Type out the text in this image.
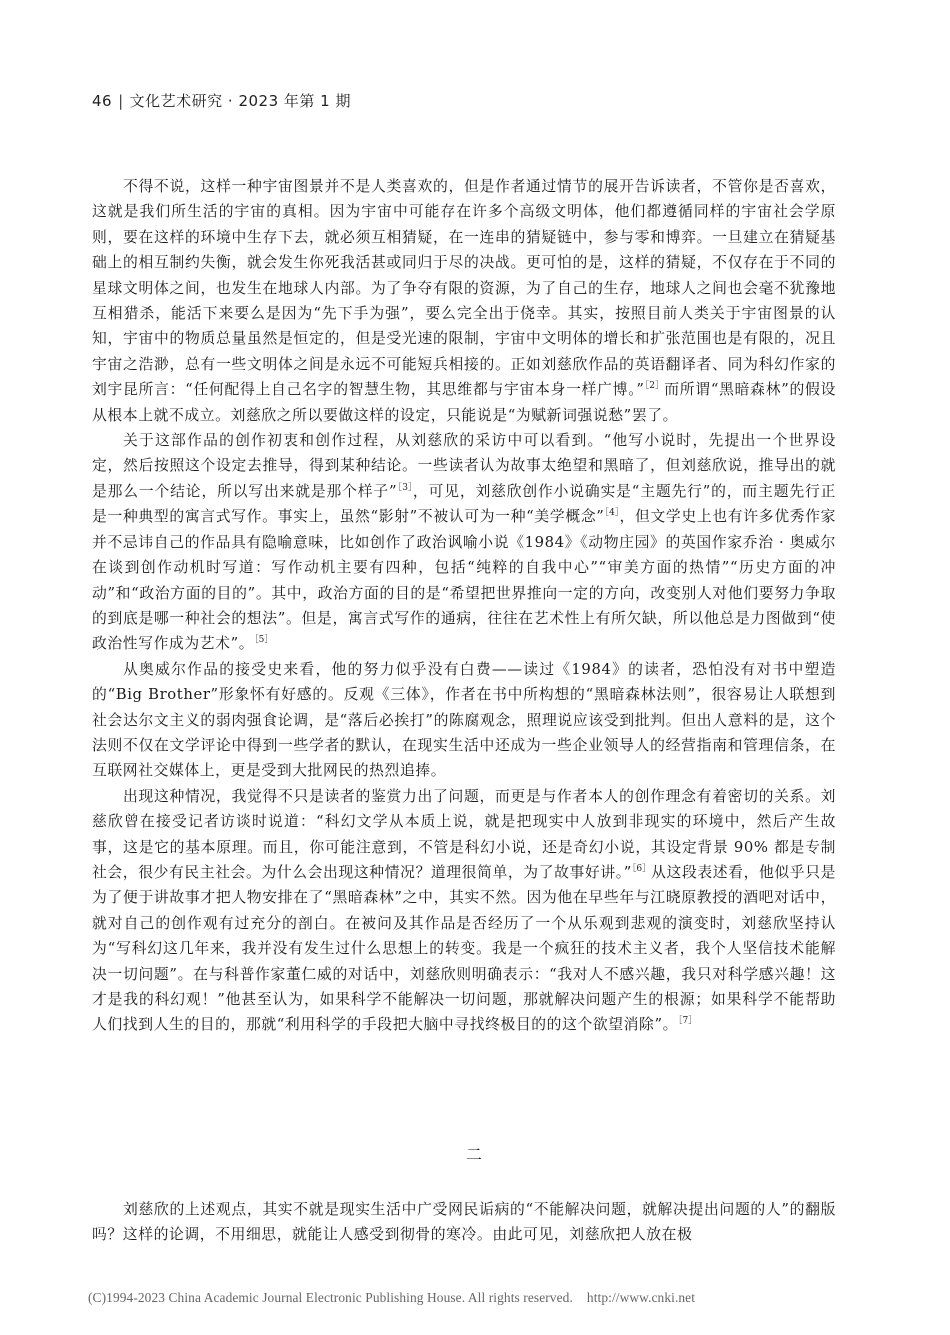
46 | 文化艺术研究 · 2023 年第 1 期

不得不说，这样一种宇宙图景并不是人类喜欢的，但是作者通过情节的展开告诉读者，不管你是否喜欢，这就是我们所生活的宇宙的真相。因为宇宙中可能存在许多个高级文明体，他们都遵循同样的宇宙社会学原则，要在这样的环境中生存下去，就必须互相猜疑，在一连串的猜疑链中，参与零和博弈。一旦建立在猜疑基础上的相互制约失衡，就会发生你死我活甚或同归于尽的决战。更可怕的是，这样的猜疑，不仅存在于不同的星球文明体之间，也发生在地球人内部。为了争夺有限的资源，为了自己的生存，地球人之间也会毫不犹豫地互相猎杀，能活下来要么是因为“先下手为强”，要么完全出于侥幸。其实，按照目前人类关于宇宙图景的认知，宇宙中的物质总量虽然是恒定的，但是受光速的限制，宇宙中文明体的增长和扩张范围也是有限的，况且宇宙之浩渺，总有一些文明体之间是永远不可能短兵相接的。正如刘慈欣作品的英语翻译者、同为科幻作家的刘宇昆所言：“任何配得上自己名字的智慧生物，其思维都与宇宙本身一样广博。”$^{[2]}$而所谓“黑暗森林”的假设从根本上就不成立。刘慈欣之所以要做这样的设定，只能说是“为赋新词强说愁”罢了。

关于这部作品的创作初衷和创作过程，从刘慈欣的采访中可以看到。“他写小说时，先提出一个世界设定，然后按照这个设定去推导，得到某种结论。一些读者认为故事太绝望和黑暗了，但刘慈欣说，推导出的就是那么一个结论，所以写出来就是那个样子”$^{[3]}$，可见，刘慈欣创作小说确实是“主题先行”的，而主题先行正是一种典型的寓言式写作。事实上，虽然“影射”不被认可为一种“美学概念”$^{[4]}$，但文学史上也有许多优秀作家并不忌讳自己的作品具有隐喻意味，比如创作了政治讽喻小说《1984》《动物庄园》的英国作家乔治 · 奥威尔在谈到创作动机时写道：写作动机主要有四种，包括“纯粹的自我中心”“审美方面的热情”“历史方面的冲动”和“政治方面的目的”。其中，政治方面的目的是“希望把世界推向一定的方向，改变别人对他们要努力争取的到底是哪一种社会的想法”。但是，寓言式写作的通病，往往在艺术性上有所欠缺，所以他总是力图做到“使政治性写作成为艺术”。$^{[5]}$

从奥威尔作品的接受史来看，他的努力似乎没有白费——读过《1984》的读者，恐怕没有对书中塑造的“Big Brother”形象怀有好感的。反观《三体》，作者在书中所构想的“黑暗森林法则”，很容易让人联想到社会达尔文主义的弱肉强食论调，是“落后必挨打”的陈腐观念，照理说应该受到批判。但出人意料的是，这个法则不仅在文学评论中得到一些学者的默认，在现实生活中还成为一些企业领导人的经营指南和管理信条，在互联网社交媒体上，更是受到大批网民的热烈追捧。

出现这种情况，我觉得不只是读者的鉴赏力出了问题，而更是与作者本人的创作理念有着密切的关系。刘慈欣曾在接受记者访谈时说道：“科幻文学从本质上说，就是把现实中人放到非现实的环境中，然后产生故事，这是它的基本原理。而且，你可能注意到，不管是科幻小说，还是奇幻小说，其设定背景 90% 都是专制社会，很少有民主社会。为什么会出现这种情况？道理很简单，为了故事好讲。”$^{[6]}$从这段表述看，他似乎只是为了便于讲故事才把人物安排在了“黑暗森林”之中，其实不然。因为他在早些年与江晓原教授的酒吧对话中，就对自己的创作观有过充分的剖白。在被问及其作品是否经历了一个从乐观到悲观的演变时，刘慈欣坚持认为“写科幻这几年来，我并没有发生过什么思想上的转变。我是一个疯狂的技术主义者，我个人坚信技术能解决一切问题”。在与科普作家董仁威的对话中，刘慈欣则明确表示：“我对人不感兴趣，我只对科学感兴趣！这才是我的科幻观！”他甚至认为，如果科学不能解决一切问题，那就解决问题产生的根源；如果科学不能帮助人们找到人生的目的，那就“利用科学的手段把大脑中寻找终极目的的这个欲望消除”。$^{[7]}$

二

刘慈欣的上述观点，其实不就是现实生活中广受网民诟病的“不能解决问题，就解决提出问题的人”的翻版吗？这样的论调，不用细思，就能让人感受到彻骨的寒冷。由此可见，刘慈欣把人放在极

(C)1994-2023 China Academic Journal Electronic Publishing House. All rights reserved. http://www.cnki.net
